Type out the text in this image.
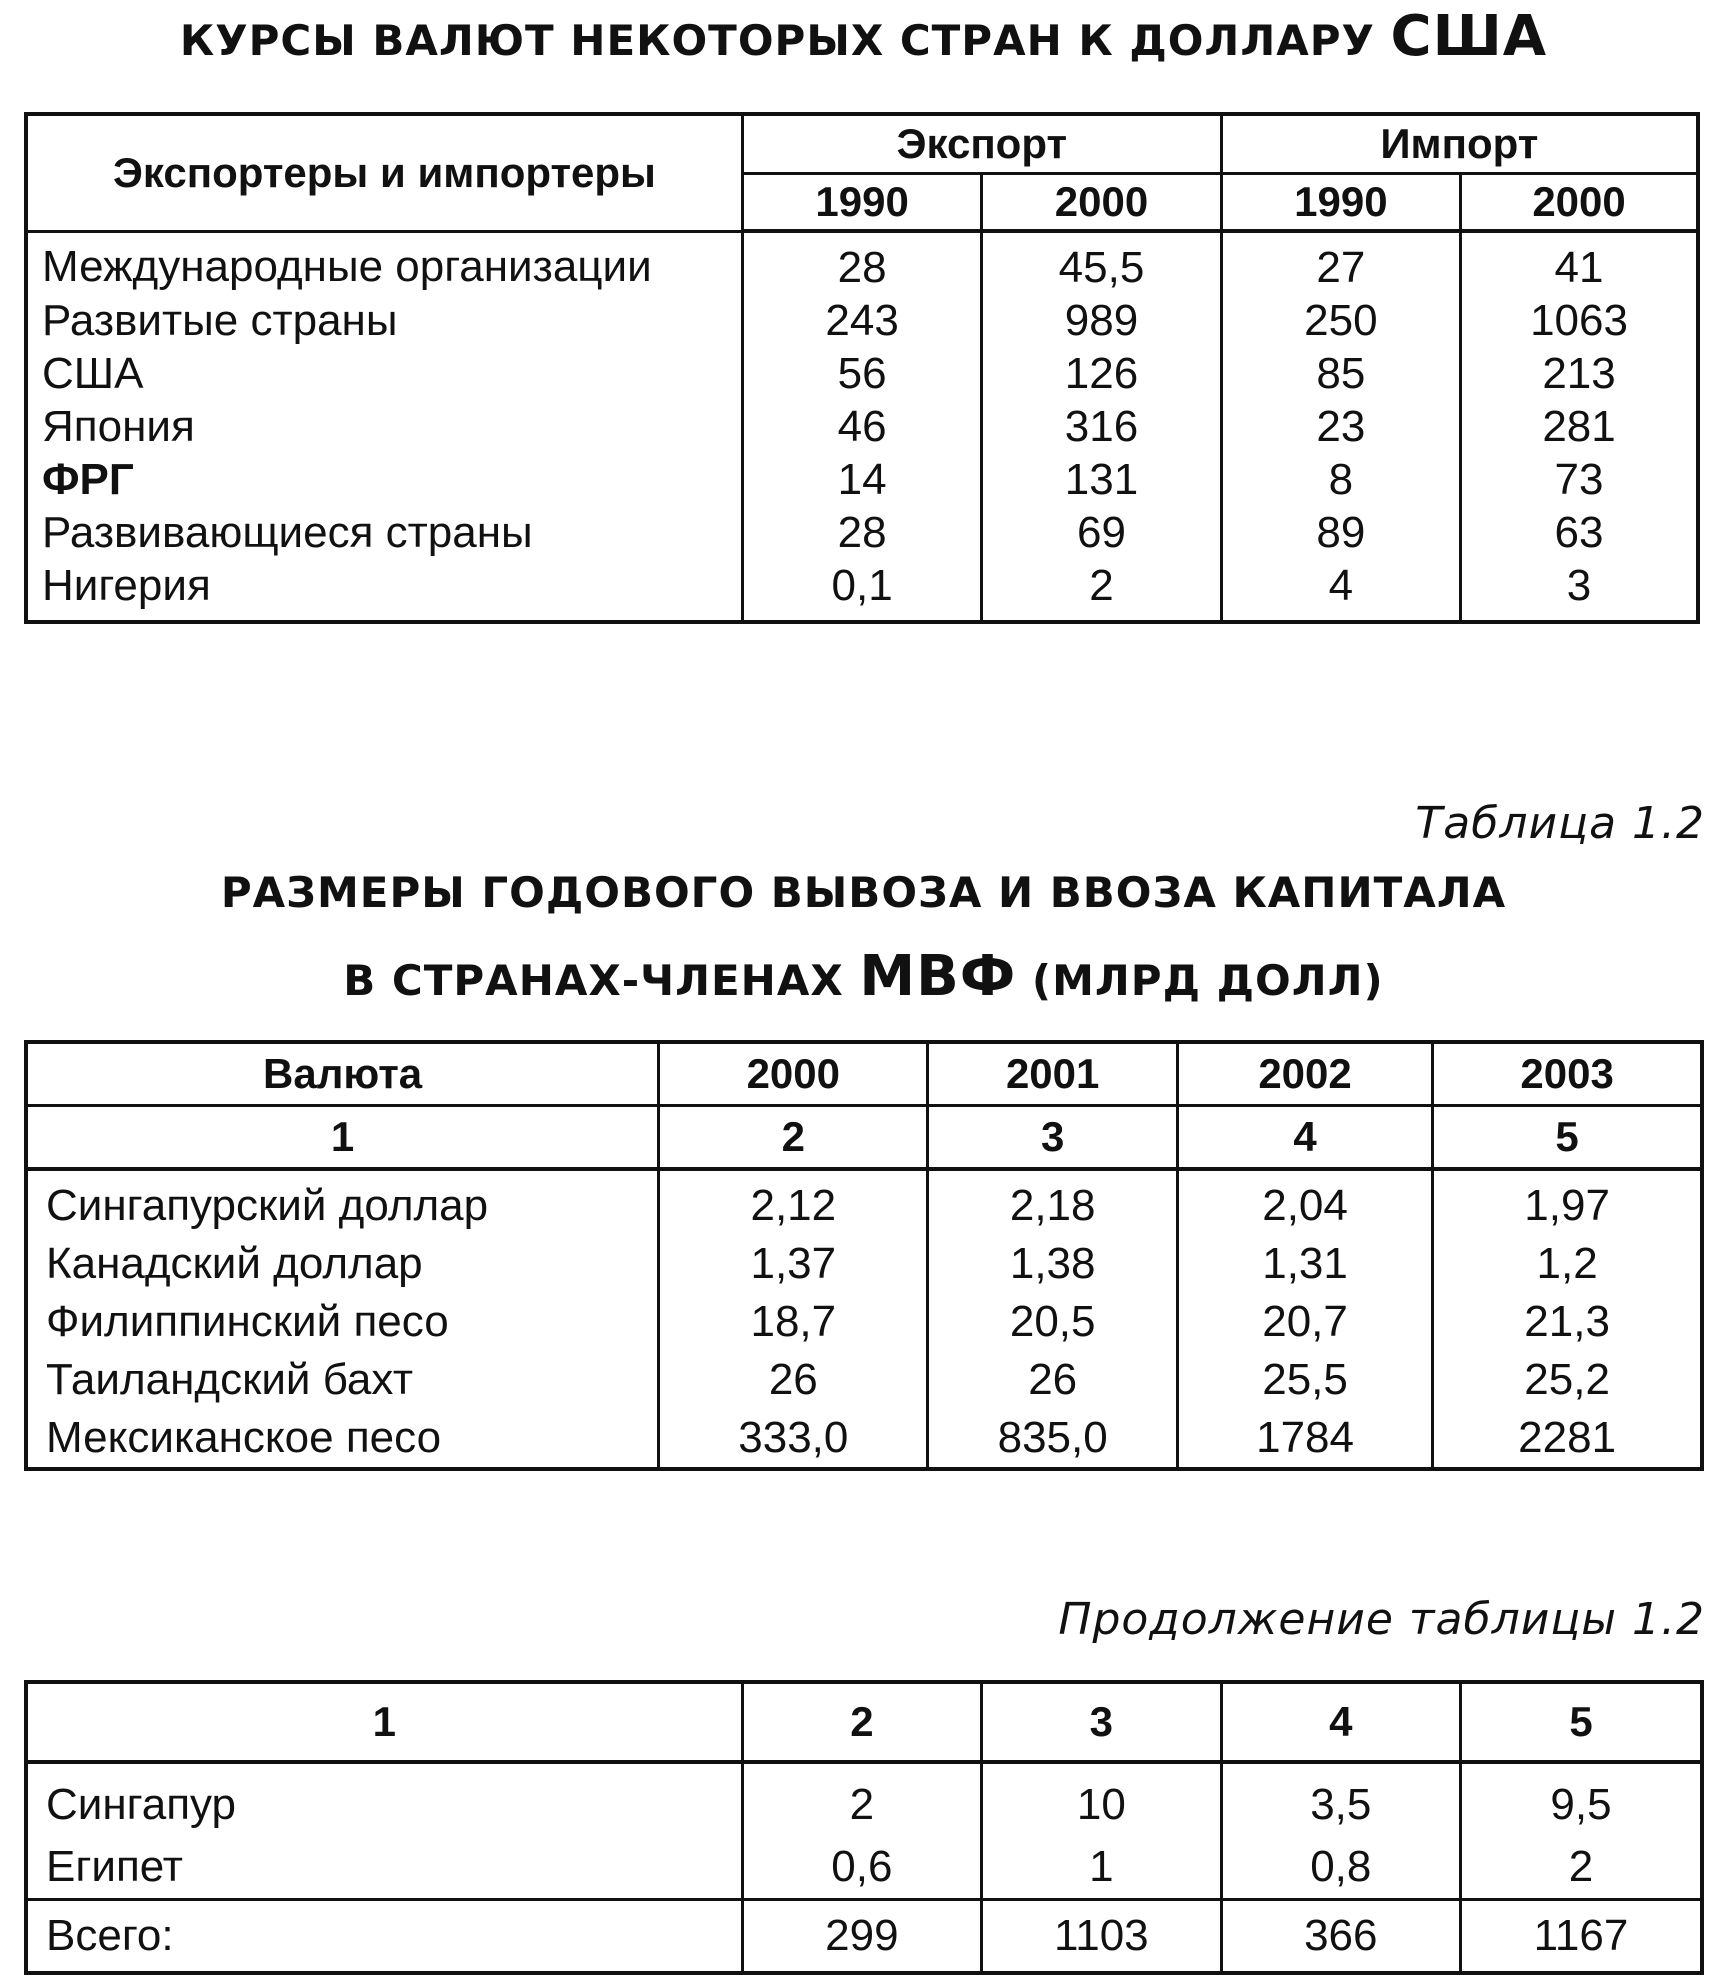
КУРСЫ ВАЛЮТ НЕКОТОРЫХ СТРАН К ДОЛЛАРУ США
Экспортеры и импортеры	Экспорт		Импорт	
	1990	2000	1990	2000
Международные организации	28	45,5	27	41
Развитые страны	243	989	250	1063
США	56	126	85	213
Япония	46	316	23	281
ФРГ	14	131	8	73
Развивающиеся страны	28	69	89	63
Нигерия	0,1	2	4	3
Таблица 1.2
РАЗМЕРЫ ГОДОВОГО ВЫВОЗА И ВВОЗА КАПИТАЛА
В СТРАНАХ-ЧЛЕНАХ МВФ (МЛРД ДОЛЛ)
Валюта	2000	2001	2002	2003
1	2	3	4	5
Сингапурский доллар	2,12	2,18	2,04	1,97
Канадский доллар	1,37	1,38	1,31	1,2
Филиппинский песо	18,7	20,5	20,7	21,3
Таиландский бахт	26	26	25,5	25,2
Мексиканское песо	333,0	835,0	1784	2281
Продолжение таблицы 1.2
1	2	3	4	5
Сингапур	2	10	3,5	9,5
Египет	0,6	1	0,8	2
Всего:	299	1103	366	1167
